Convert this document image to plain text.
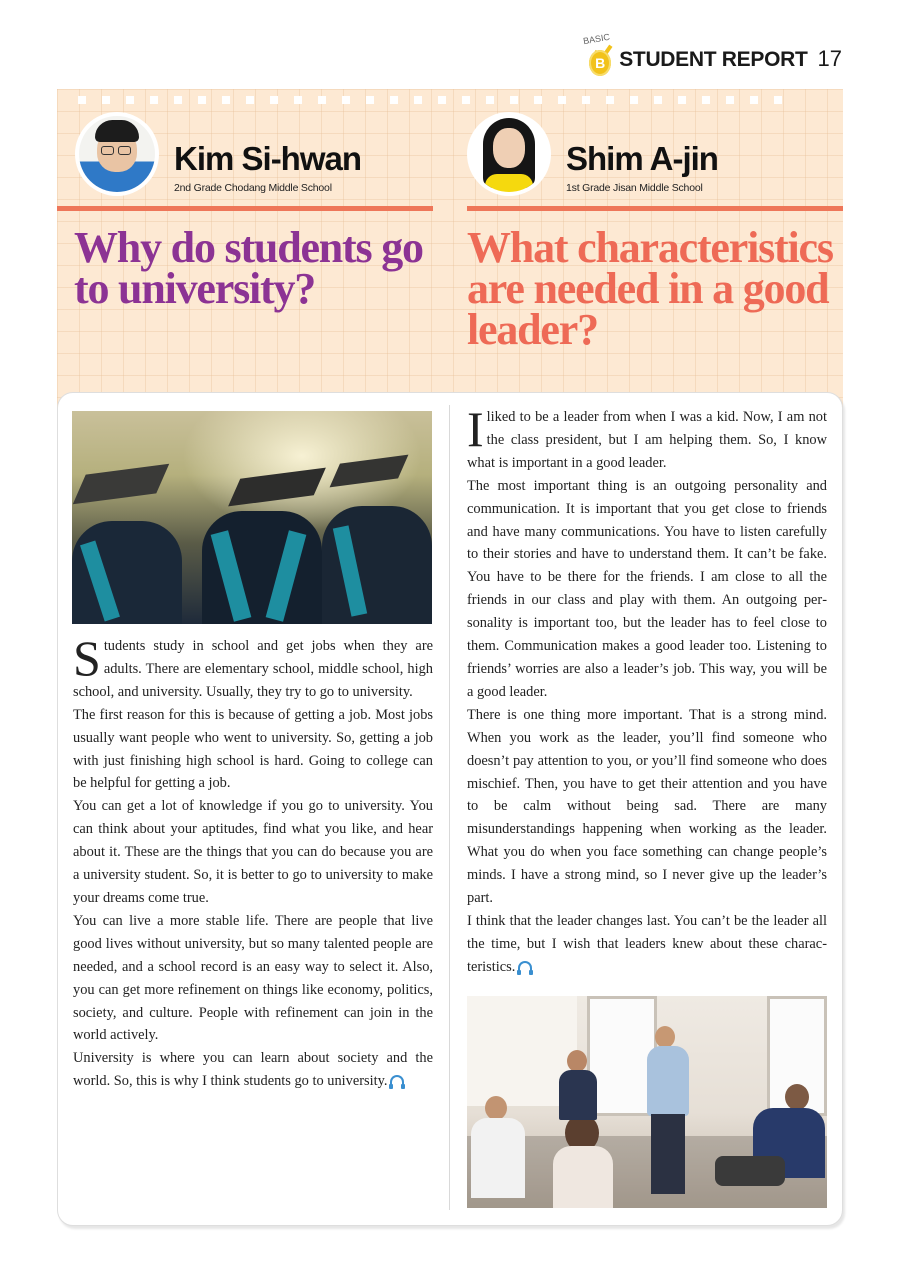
BASIC
B STUDENT REPORT 17
Kim Si-hwan
2nd Grade Chodang Middle School
Why do students go
to university?
Shim A-jin
1st Grade Jisan Middle School
What characteristics
are needed in a good
leader?

Students study in school and get jobs when they are adults. There are elementary school, middle school, high school, and university. Usually, they try to go to university.

The first reason for this is because of getting a job. Most jobs usually want people who went to university. So, getting a job with just finishing high school is hard. Going to college can be helpful for getting a job.

You can get a lot of knowledge if you go to university. You can think about your aptitudes, find what you like, and hear about it. These are the things that you can do because you are a university student. So, it is better to go to university to make your dreams come true.

You can live a more stable life. There are people that live good lives without university, but so many talented people are needed, and a school record is an easy way to select it. Also, you can get more refinement on things like economy, politics, society, and culture. People with refinement can join in the world actively.

University is where you can learn about society and the world. So, this is why I think students go to university.

Iliked to be a leader from when I was a kid. Now, I am not the class president, but I am helping them. So, I know what is important in a good leader.

The most important thing is an outgoing personality and communication. It is important that you get close to friends and have many communications. You have to listen carefully to their stories and have to understand them. It can’t be fake. You have to be there for the friends. I am close to all the friends in our class and play with them. An outgoing personality is important too, but the leader has to feel close to them. Communication makes a good leader too. Listening to friends’ worries are also a leader’s job. This way, you will be a good leader.

There is one thing more important. That is a strong mind. When you work as the leader, you’ll find someone who doesn’t pay attention to you, or you’ll find someone who does mischief. Then, you have to get their attention and you have to be calm without being sad. There are many misunderstandings happening when working as the leader. What you do when you face something can change people’s minds. I have a strong mind, so I never give up the leader’s part.

I think that the leader changes last. You can’t be the leader all the time, but I wish that leaders knew about these characteristics.
